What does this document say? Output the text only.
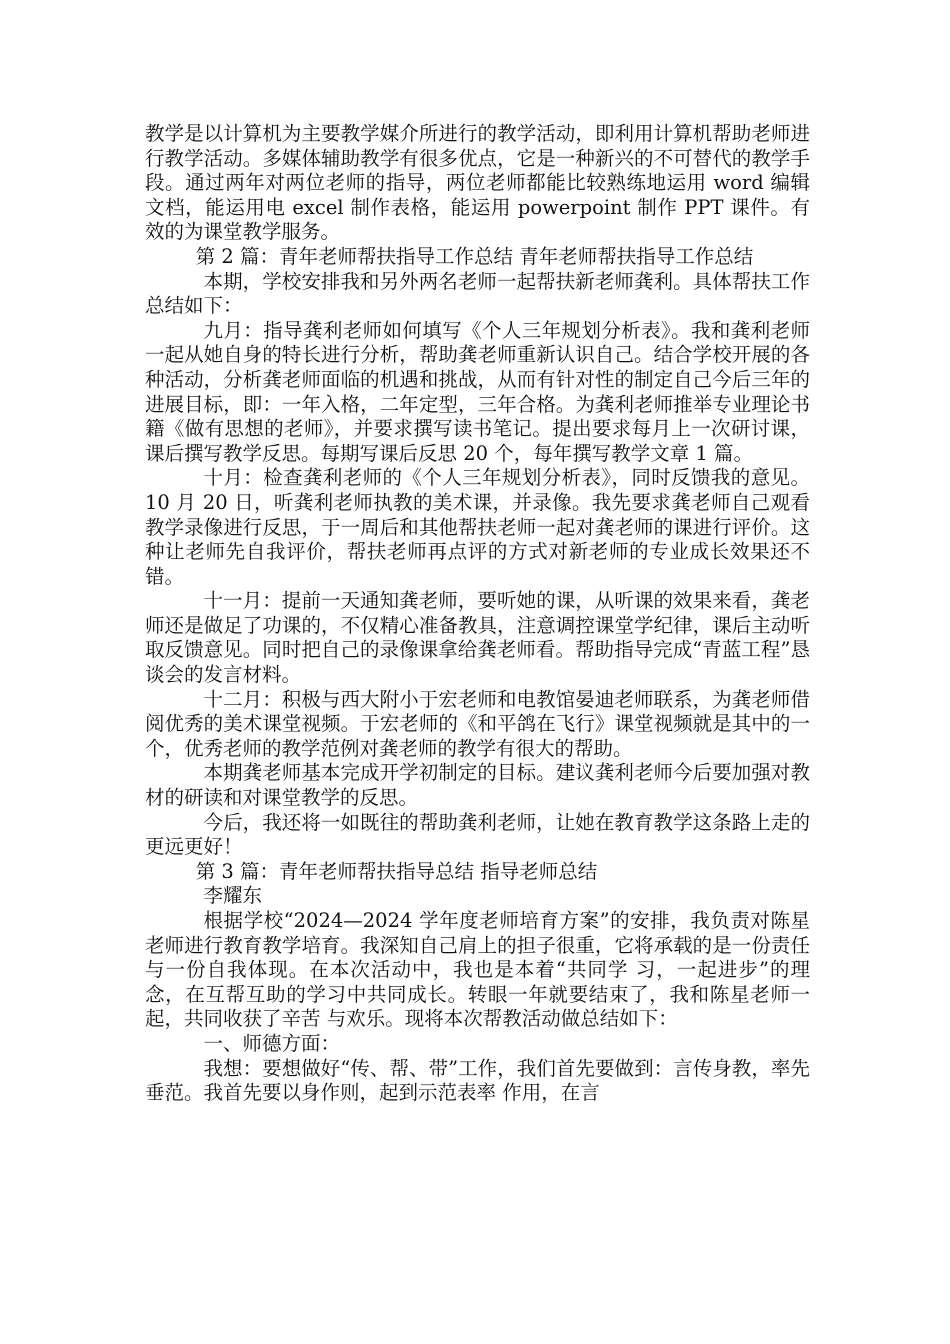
教学是以计算机为主要教学媒介所进行的教学活动，即利用计算机帮助老师进行教学活动。多媒体辅助教学有很多优点，它是一种新兴的不可替代的教学手段。通过两年对两位老师的指导，两位老师都能比较熟练地运用 word 编辑文档，能运用电 excel 制作表格，能运用 powerpoint 制作 PPT 课件。有效的为课堂教学服务。

第 2 篇：青年老师帮扶指导工作总结 青年老师帮扶指导工作总结

本期，学校安排我和另外两名老师一起帮扶新老师龚利。具体帮扶工作总结如下：

九月：指导龚利老师如何填写《个人三年规划分析表》。我和龚利老师一起从她自身的特长进行分析，帮助龚老师重新认识自己。结合学校开展的各种活动，分析龚老师面临的机遇和挑战，从而有针对性的制定自己今后三年的进展目标，即：一年入格，二年定型，三年合格。为龚利老师推举专业理论书籍《做有思想的老师》，并要求撰写读书笔记。提出要求每月上一次研讨课，课后撰写教学反思。每期写课后反思 20 个，每年撰写教学文章 1 篇。

十月：检查龚利老师的《个人三年规划分析表》，同时反馈我的意见。10 月 20 日，听龚利老师执教的美术课，并录像。我先要求龚老师自己观看教学录像进行反思，于一周后和其他帮扶老师一起对龚老师的课进行评价。这种让老师先自我评价，帮扶老师再点评的方式对新老师的专业成长效果还不错。

十一月：提前一天通知龚老师，要听她的课，从听课的效果来看，龚老师还是做足了功课的，不仅精心准备教具，注意调控课堂学纪律，课后主动听取反馈意见。同时把自己的录像课拿给龚老师看。帮助指导完成“青蓝工程”恳谈会的发言材料。

十二月：积极与西大附小于宏老师和电教馆晏迪老师联系，为龚老师借阅优秀的美术课堂视频。于宏老师的《和平鸽在飞行》课堂视频就是其中的一个，优秀老师的教学范例对龚老师的教学有很大的帮助。

本期龚老师基本完成开学初制定的目标。建议龚利老师今后要加强对教材的研读和对课堂教学的反思。

今后，我还将一如既往的帮助龚利老师，让她在教育教学这条路上走的更远更好！

第 3 篇：青年老师帮扶指导总结 指导老师总结

李耀东

根据学校“2024—2024 学年度老师培育方案”的安排，我负责对陈星老师进行教育教学培育。我深知自己肩上的担子很重，它将承载的是一份责任与一份自我体现。在本次活动中，我也是本着“共同学 习，一起进步”的理念，在互帮互助的学习中共同成长。转眼一年就要结束了，我和陈星老师一起，共同收获了辛苦 与欢乐。现将本次帮教活动做总结如下：

一、师德方面：

我想：要想做好“传、帮、带”工作，我们首先要做到：言传身教，率先垂范。我首先要以身作则，起到示范表率 作用，在言
